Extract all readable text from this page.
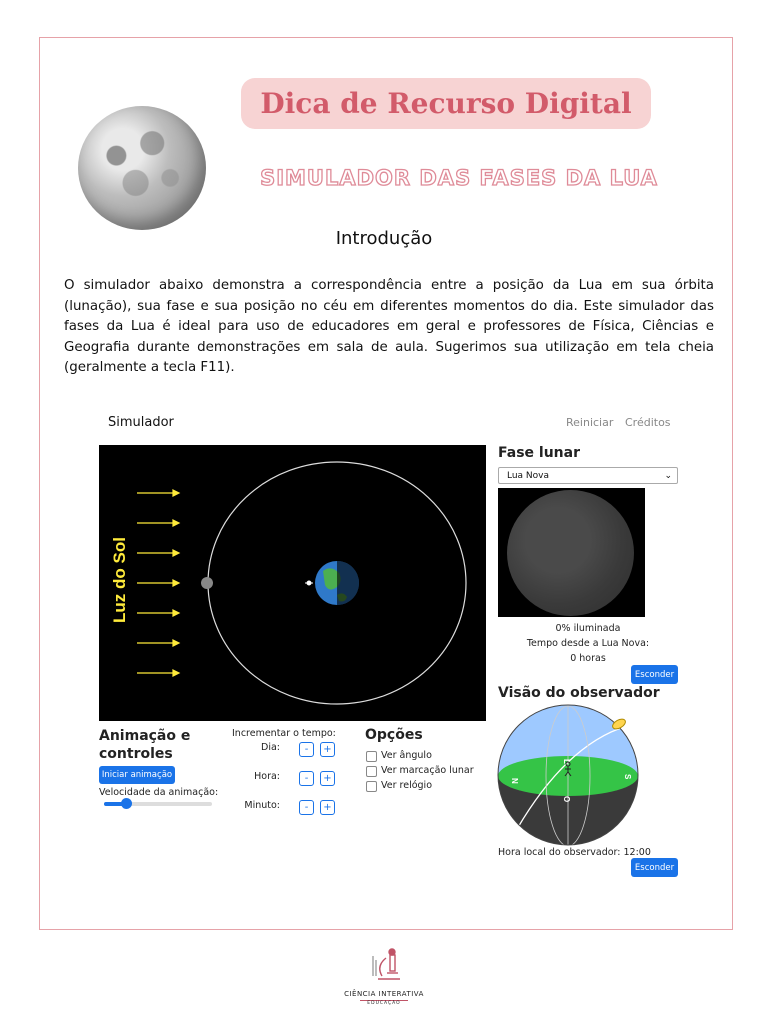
Dica de Recurso Digital
SIMULADOR DAS FASES DA LUA
Introdução
O simulador abaixo demonstra a correspondência entre a posição da Lua em sua órbita (lunação), sua fase e sua posição no céu em diferentes momentos do dia. Este simulador das fases da Lua é ideal para uso de educadores em geral e professores de Física, Ciências e Geografia durante demonstrações em sala de aula. Sugerimos sua utilização em tela cheia (geralmente a tecla F11).
Simulador	Reiniciar Créditos
Luz do Sol
Fase lunar
Lua Nova	⌄
0% iluminada
Tempo desde a Lua Nova:
0 horas
Esconder
Visão do observador
N
S
L
O
Hora local do observador: 12:00
Esconder
Animação e controles
Iniciar animação
Velocidade da animação:
Incrementar o tempo:
Dia:	-	+
Hora:	-	+
Minuto:	-	+
Opções
Ver ângulo
Ver marcação lunar
Ver relógio
CIÊNCIA INTERATIVA
EDUCAÇÃO
